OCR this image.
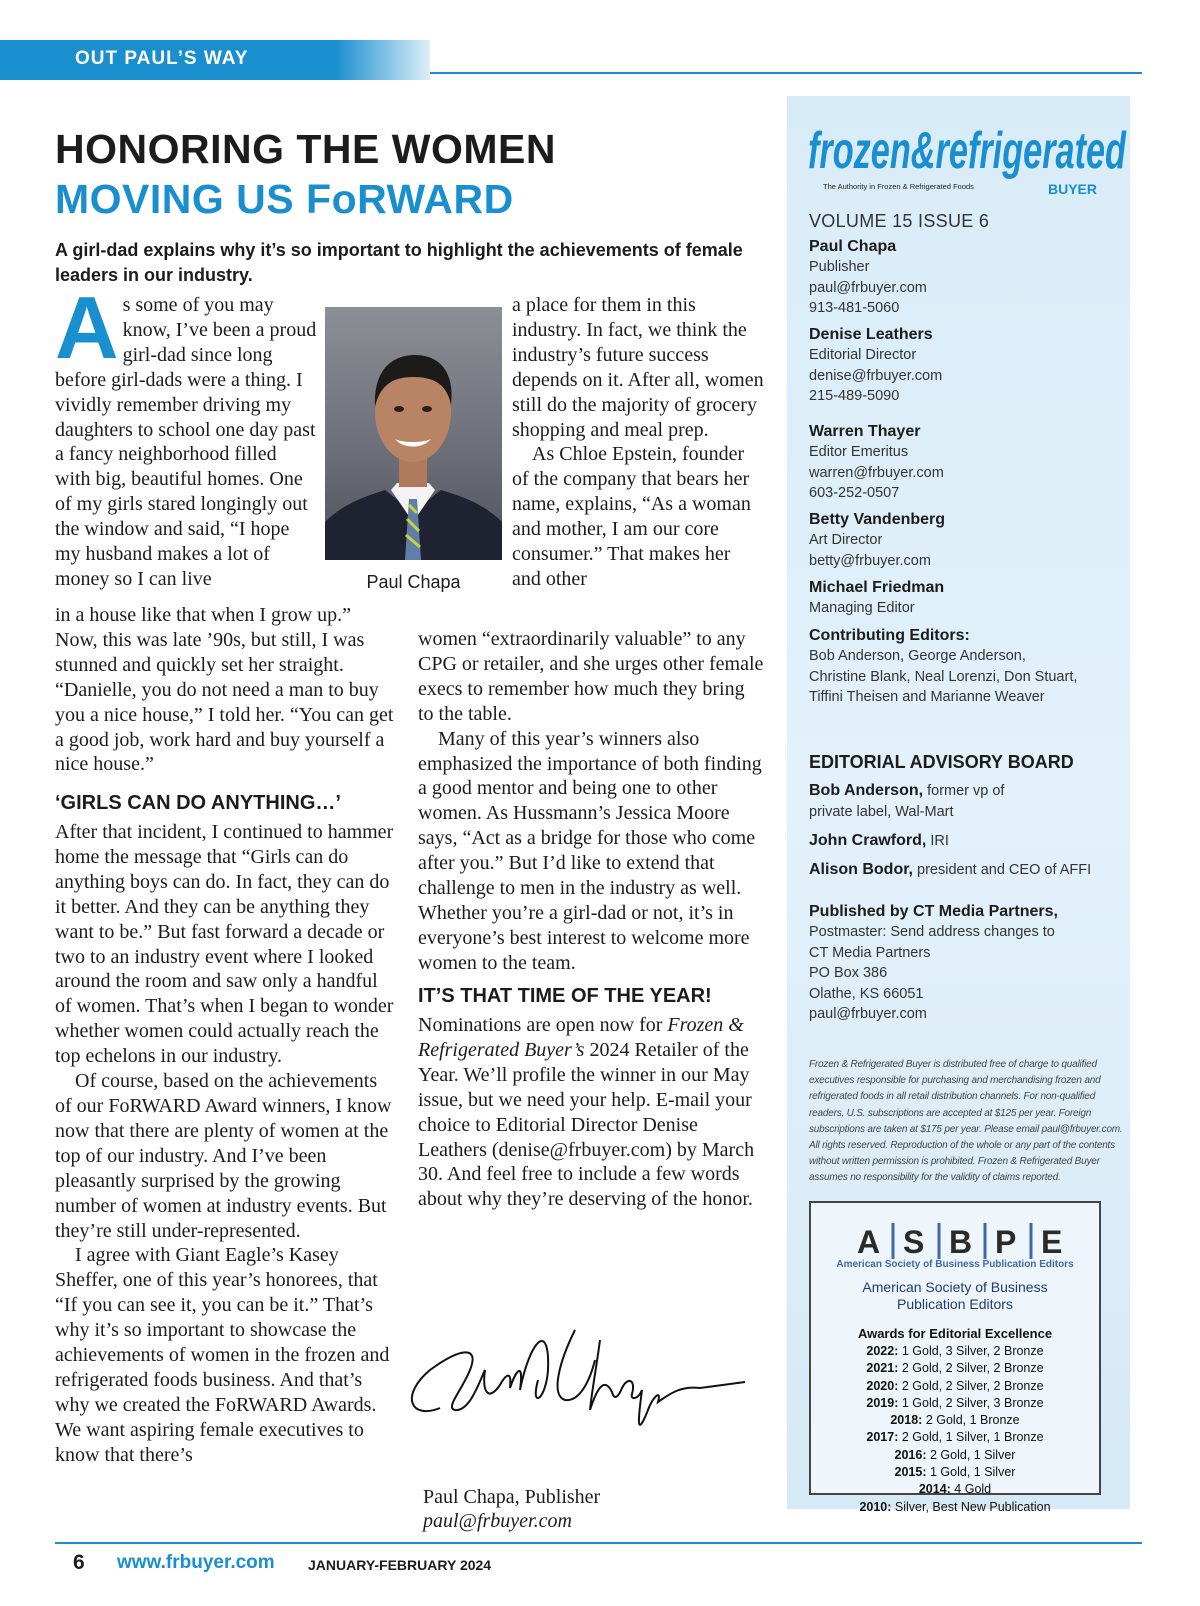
OUT PAUL’S WAY
HONORING THE WOMEN
MOVING US FoRWARD

A girl-dad explains why it’s so important to highlight the achievements of female leaders in our industry.

As some of you may know, I’ve been a proud girl-dad since long before girl-dads were a thing. I vividly remember driving my daughters to school one day past a fancy neighborhood filled with big, beautiful homes. One of my girls stared longingly out the window and said, “I hope my husband makes a lot of money so I can live	Paul Chapa

in a house like that when I grow up.” Now, this was late ’90s, but still, I was stunned and quickly set her straight. “Danielle, you do not need a man to buy you a nice house,” I told her. “You can get a good job, work hard and buy yourself a nice house.”

‘GIRLS CAN DO ANYTHING…’

After that incident, I continued to hammer home the message that “Girls can do anything boys can do. In fact, they can do it better. And they can be anything they want to be.” But fast forward a decade or two to an industry event where I looked around the room and saw only a handful of women. That’s when I began to wonder whether women could actually reach the top echelons in our industry.

Of course, based on the achievements of our FoRWARD Award winners, I know now that there are plenty of women at the top of our industry. And I’ve been pleasantly surprised by the growing number of women at industry events. But they’re still under-represented.

I agree with Giant Eagle’s Kasey Sheffer, one of this year’s honorees, that “If you can see it, you can be it.” That’s why it’s so important to showcase the achievements of women in the frozen and refrigerated foods business. And that’s why we created the FoRWARD Awards. We want aspiring female executives to know that there’s

a place for them in this industry. In fact, we think the industry’s future success depends on it. After all, women still do the majority of grocery shopping and meal prep.

As Chloe Epstein, founder of the company that bears her name, explains, “As a woman and mother, I am our core consumer.” That makes her and other

women “extraordinarily valuable” to any CPG or retailer, and she urges other female execs to remember how much they bring to the table.

Many of this year’s winners also emphasized the importance of both finding a good mentor and being one to other women. As Hussmann’s Jessica Moore says, “Act as a bridge for those who come after you.” But I’d like to extend that challenge to men in the industry as well. Whether you’re a girl-dad or not, it’s in everyone’s best interest to welcome more women to the team.

IT’S THAT TIME OF THE YEAR!

Nominations are open now for Frozen & Refrigerated Buyer’s 2024 Retailer of the Year. We’ll profile the winner in our May issue, but we need your help. E-mail your choice to Editorial Director Denise Leathers (denise@frbuyer.com) by March 30. And feel free to include a few words about why they’re deserving of the honor.

Paul Chapa, Publisher
paul@frbuyer.com
frozen&refrigerated
The Authority in Frozen & Refrigerated Foods	BUYER
VOLUME 15 ISSUE 6
Paul Chapa
Publisher
paul@frbuyer.com
913-481-5060
Denise Leathers
Editorial Director
denise@frbuyer.com
215-489-5090
Warren Thayer
Editor Emeritus
warren@frbuyer.com
603-252-0507
Betty Vandenberg
Art Director
betty@frbuyer.com
Michael Friedman
Managing Editor
Contributing Editors:
Bob Anderson, George Anderson,
Christine Blank, Neal Lorenzi, Don Stuart,
Tiffini Theisen and Marianne Weaver
EDITORIAL ADVISORY BOARD
Bob Anderson, former vp of
private label, Wal-Mart
John Crawford, IRI
Alison Bodor, president and CEO of AFFI
Published by CT Media Partners,
Postmaster: Send address changes to
CT Media Partners
PO Box 386
Olathe, KS 66051
paul@frbuyer.com
Frozen & Refrigerated Buyer is distributed free of charge to qualified executives responsible for purchasing and merchandising frozen and refrigerated foods in all retail distribution channels. For non-qualified readers, U.S. subscriptions are accepted at $125 per year. Foreign subscriptions are taken at $175 per year. Please email paul@frbuyer.com. All rights reserved. Reproduction of the whole or any part of the contents without written permission is prohibited. Frozen & Refrigerated Buyer assumes no responsibility for the validity of claims reported.
A S B P E
American Society of Business Publication Editors
American Society of Business
Publication Editors
Awards for Editorial Excellence
2022: 1 Gold, 3 Silver, 2 Bronze
2021: 2 Gold, 2 Silver, 2 Bronze
2020: 2 Gold, 2 Silver, 2 Bronze
2019: 1 Gold, 2 Silver, 3 Bronze
2018: 2 Gold, 1 Bronze
2017: 2 Gold, 1 Silver, 1 Bronze
2016: 2 Gold, 1 Silver
2015: 1 Gold, 1 Silver
2014: 4 Gold
2010: Silver, Best New Publication
6 www.frbuyer.com JANUARY-FEBRUARY 2024
